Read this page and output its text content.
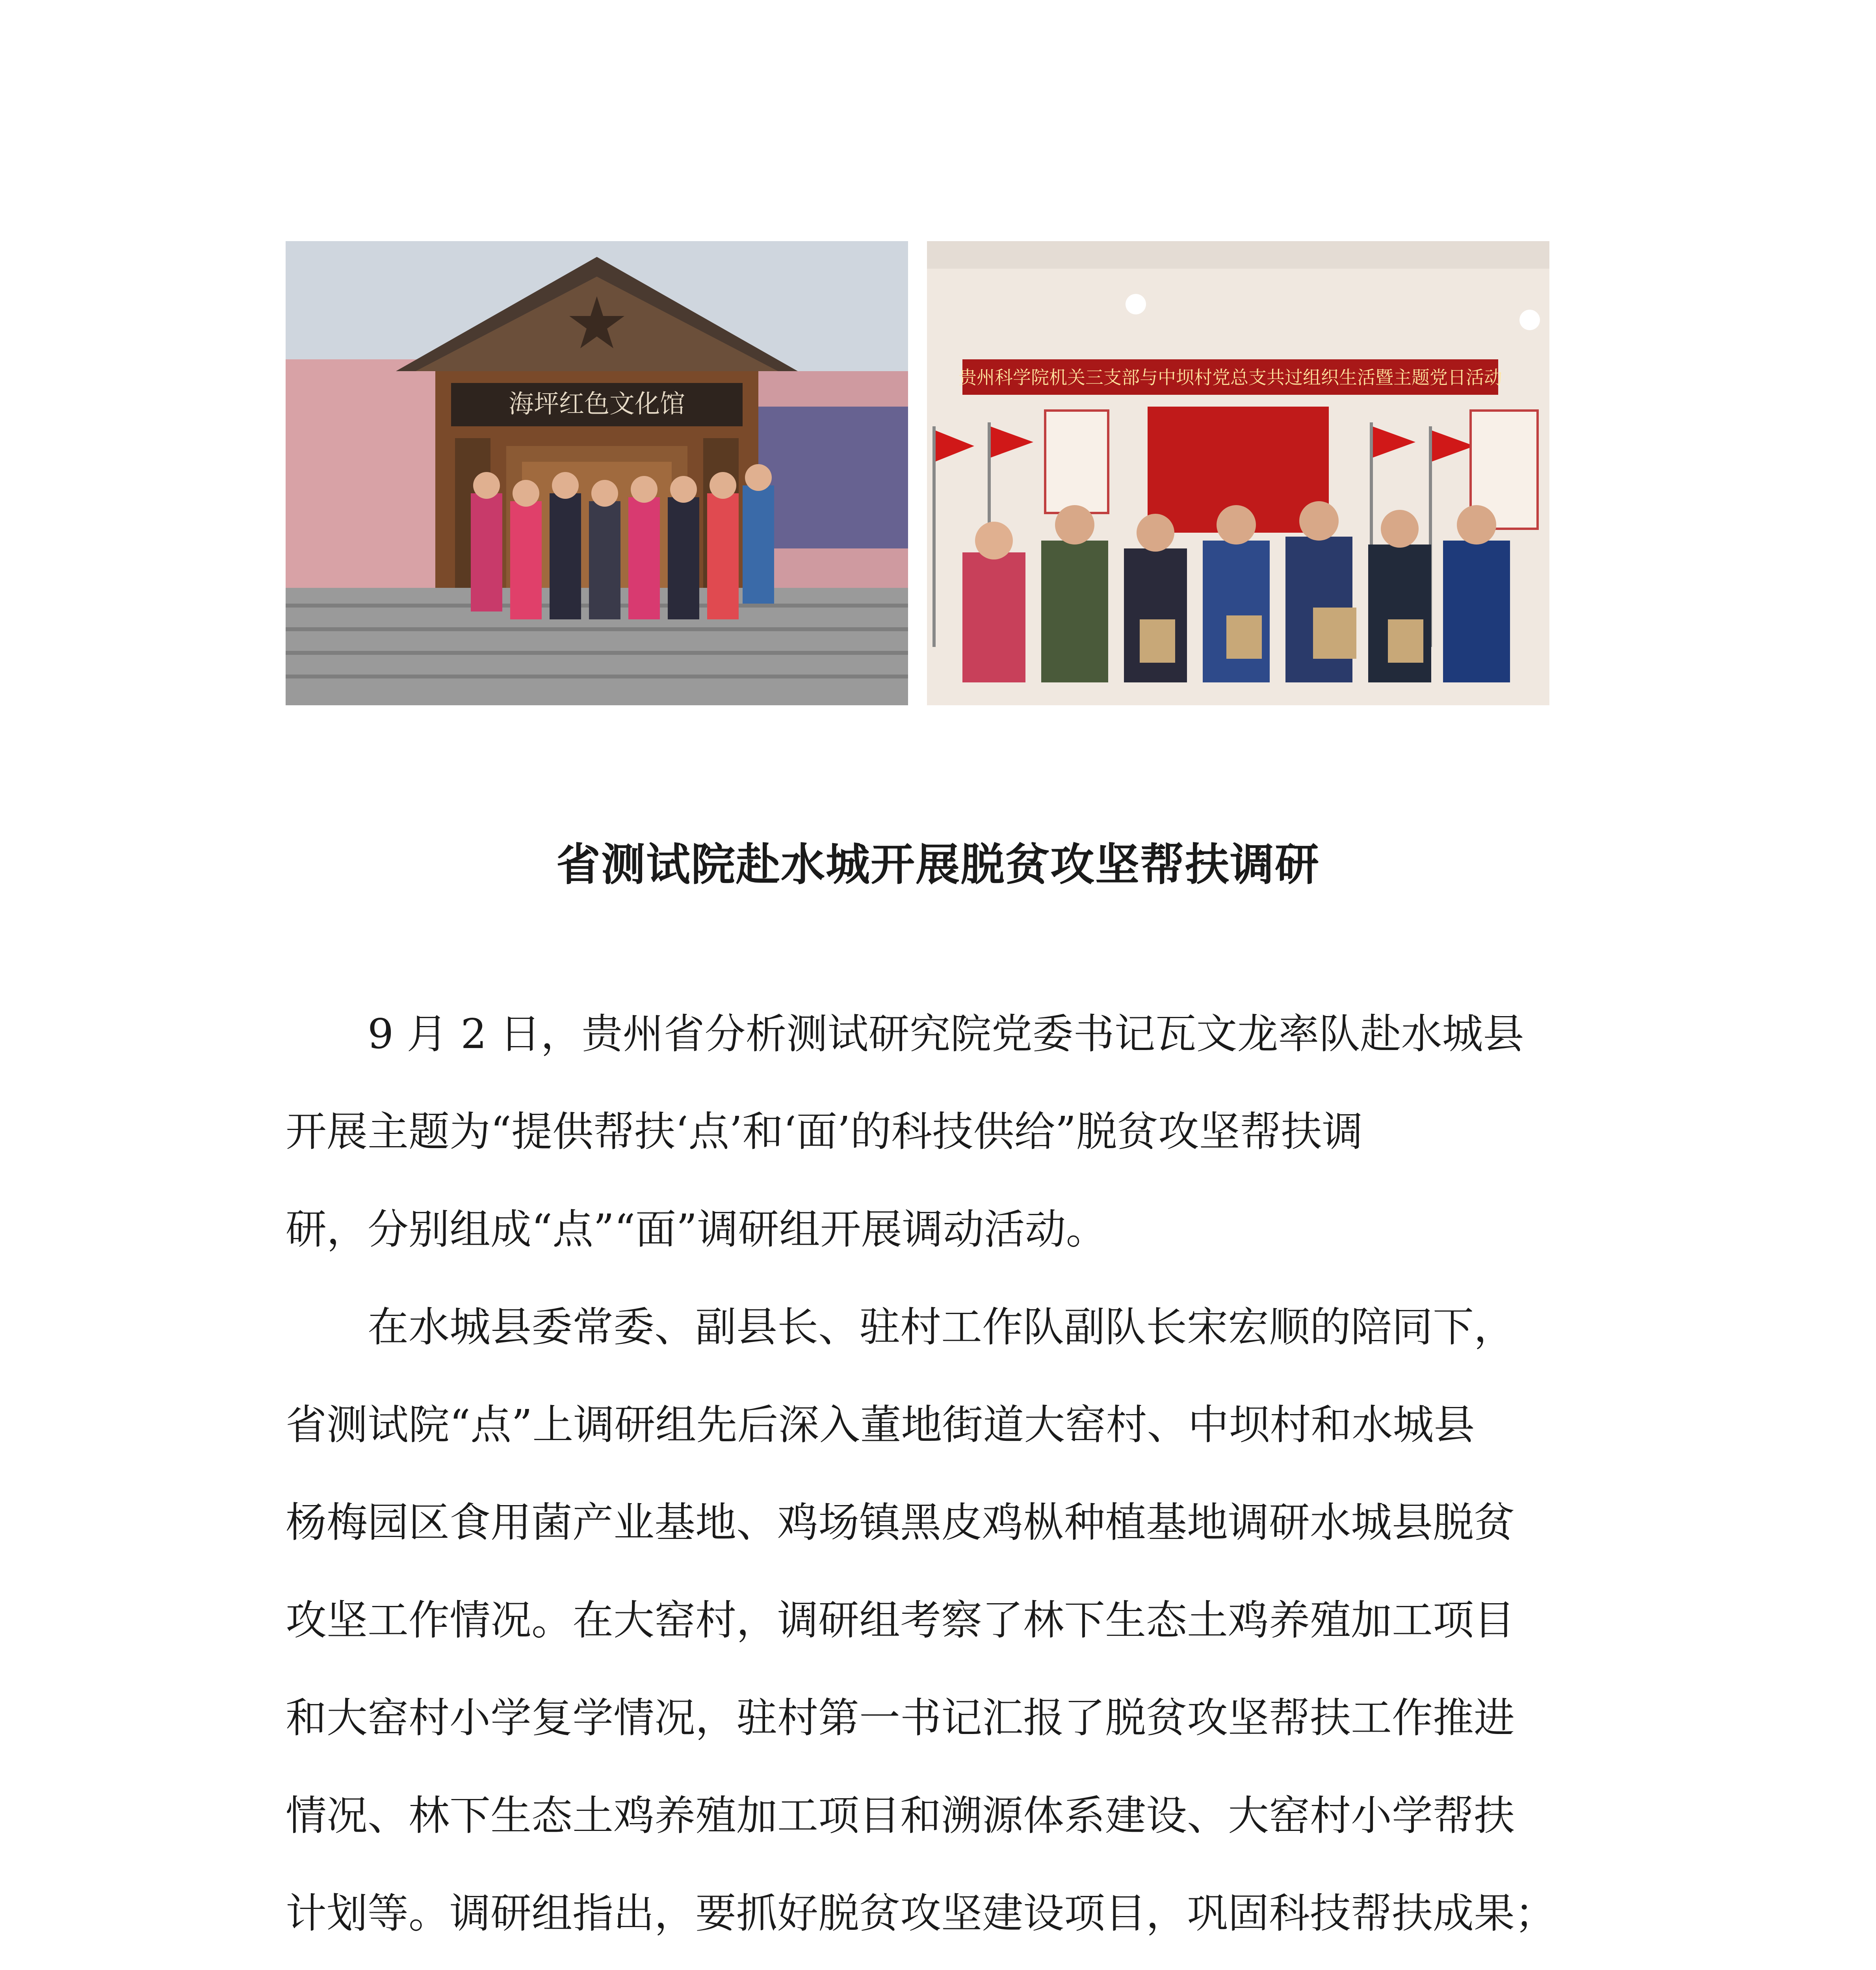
海坪红色文化馆
贵州科学院机关三支部与中坝村党总支共过组织生活暨主题党日活动
省测试院赴水城开展脱贫攻坚帮扶调研

9 月 2 日，贵州省分析测试研究院党委书记瓦文龙率队赴水城县
开展主题为“提供帮扶‘点’和‘面’的科技供给”脱贫攻坚帮扶调
研，分别组成“点”“面”调研组开展调动活动。

在水城县委常委、副县长、驻村工作队副队长宋宏顺的陪同下，
省测试院“点”上调研组先后深入董地街道大窑村、中坝村和水城县
杨梅园区食用菌产业基地、鸡场镇黑皮鸡枞种植基地调研水城县脱贫
攻坚工作情况。在大窑村，调研组考察了林下生态土鸡养殖加工项目
和大窑村小学复学情况，驻村第一书记汇报了脱贫攻坚帮扶工作推进
情况、林下生态土鸡养殖加工项目和溯源体系建设、大窑村小学帮扶
计划等。调研组指出，要抓好脱贫攻坚建设项目，巩固科技帮扶成果；
